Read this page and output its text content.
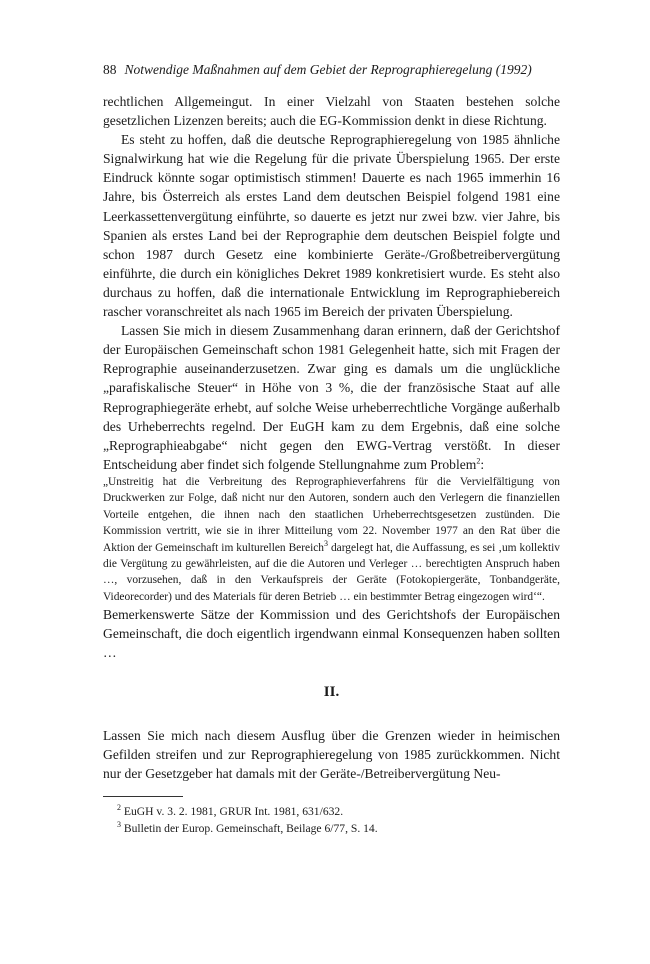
88 Notwendige Maßnahmen auf dem Gebiet der Reprographieregelung (1992)

rechtlichen Allgemeingut. In einer Vielzahl von Staaten bestehen solche gesetzlichen Lizenzen bereits; auch die EG-Kommission denkt in diese Richtung.

Es steht zu hoffen, daß die deutsche Reprographieregelung von 1985 ähnliche Signalwirkung hat wie die Regelung für die private Überspielung 1965. Der erste Eindruck könnte sogar optimistisch stimmen! Dauerte es nach 1965 immerhin 16 Jahre, bis Österreich als erstes Land dem deutschen Beispiel folgend 1981 eine Leerkassettenvergütung einführte, so dauerte es jetzt nur zwei bzw. vier Jahre, bis Spanien als erstes Land bei der Reprographie dem deutschen Beispiel folgte und schon 1987 durch Gesetz eine kombinierte Geräte-/Großbetreibervergütung einführte, die durch ein königliches Dekret 1989 konkretisiert wurde. Es steht also durchaus zu hoffen, daß die internationale Entwicklung im Reprographiebereich rascher voranschreitet als nach 1965 im Bereich der privaten Überspielung.

Lassen Sie mich in diesem Zusammenhang daran erinnern, daß der Gerichtshof der Europäischen Gemeinschaft schon 1981 Gelegenheit hatte, sich mit Fragen der Reprographie auseinanderzusetzen. Zwar ging es damals um die unglückliche „parafiskalische Steuer“ in Höhe von 3 %, die der französische Staat auf alle Reprographiegeräte erhebt, auf solche Weise urheberrechtliche Vorgänge außerhalb des Urheberrechts regelnd. Der EuGH kam zu dem Ergebnis, daß eine solche „Reprographieabgabe“ nicht gegen den EWG-Vertrag verstößt. In dieser Entscheidung aber findet sich folgende Stellungnahme zum Problem$^2$:

„Unstreitig hat die Verbreitung des Reprographieverfahrens für die Vervielfältigung von Druckwerken zur Folge, daß nicht nur den Autoren, sondern auch den Verlegern die finanziellen Vorteile entgehen, die ihnen nach den staatlichen Urheberrechtsgesetzen zustünden. Die Kommission vertritt, wie sie in ihrer Mitteilung vom 22. November 1977 an den Rat über die Aktion der Gemeinschaft im kulturellen Bereich$^3$ dargelegt hat, die Auffassung, es sei ‚um kollektiv die Vergütung zu gewährleisten, auf die die Autoren und Verleger … berechtigten Anspruch haben …, vorzusehen, daß in den Verkaufspreis der Geräte (Fotokopiergeräte, Tonbandgeräte, Videorecorder) und des Materials für deren Betrieb … ein bestimmter Betrag eingezogen wird‘“.

Bemerkenswerte Sätze der Kommission und des Gerichtshofs der Europäischen Gemeinschaft, die doch eigentlich irgendwann einmal Konsequenzen haben sollten …

II.

Lassen Sie mich nach diesem Ausflug über die Grenzen wieder in heimischen Gefilden streifen und zur Reprographieregelung von 1985 zurückkommen. Nicht nur der Gesetzgeber hat damals mit der Geräte-/Betreibervergütung Neu-

$^2$ EuGH v. 3. 2. 1981, GRUR Int. 1981, 631/632.
$^3$ Bulletin der Europ. Gemeinschaft, Beilage 6/77, S. 14.
